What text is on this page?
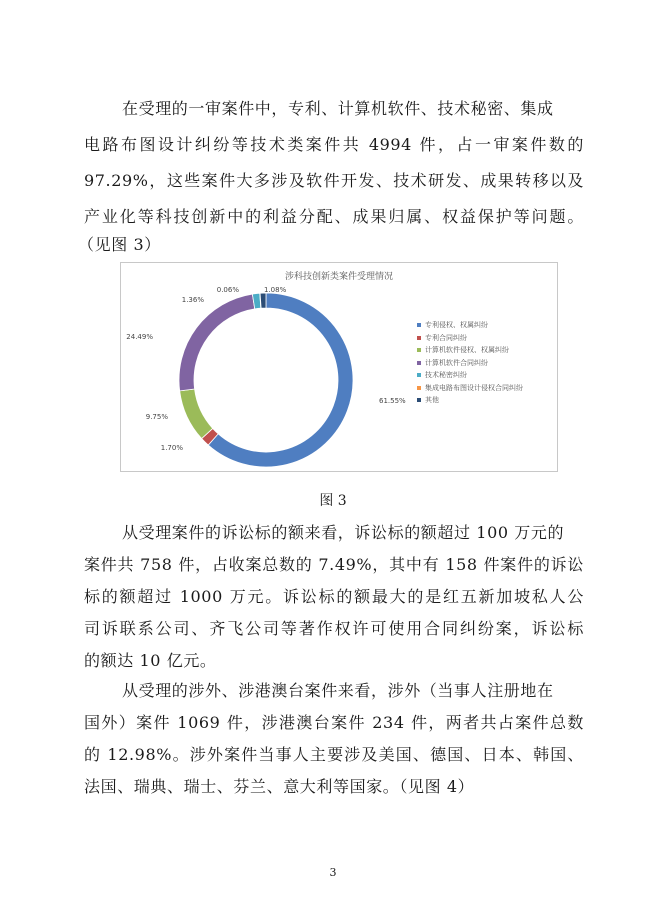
在受理的一审案件中，专利、计算机软件、技术秘密、集成
电路布图设计纠纷等技术类案件共 4994 件，占一审案件数的
97.29%，这些案件大多涉及软件开发、技术研发、成果转移以及
产业化等科技创新中的利益分配、成果归属、权益保护等问题。
（见图 3）
涉科技创新类案件受理情况
61.55%
1.70%
9.75%
24.49%
1.36%
0.06%	1.08%
专利侵权、权属纠纷
专利合同纠纷
计算机软件侵权、权属纠纷
计算机软件合同纠纷
技术秘密纠纷
集成电路布图设计侵权合同纠纷
其他
图 3
从受理案件的诉讼标的额来看，诉讼标的额超过 100 万元的
案件共 758 件，占收案总数的 7.49%，其中有 158 件案件的诉讼
标的额超过 1000 万元。诉讼标的额最大的是红五新加坡私人公
司诉联系公司、齐飞公司等著作权许可使用合同纠纷案，诉讼标
的额达 10 亿元。
从受理的涉外、涉港澳台案件来看，涉外（当事人注册地在
国外）案件 1069 件，涉港澳台案件 234 件，两者共占案件总数
的 12.98%。涉外案件当事人主要涉及美国、德国、日本、韩国、
法国、瑞典、瑞士、芬兰、意大利等国家。（见图 4）
3
